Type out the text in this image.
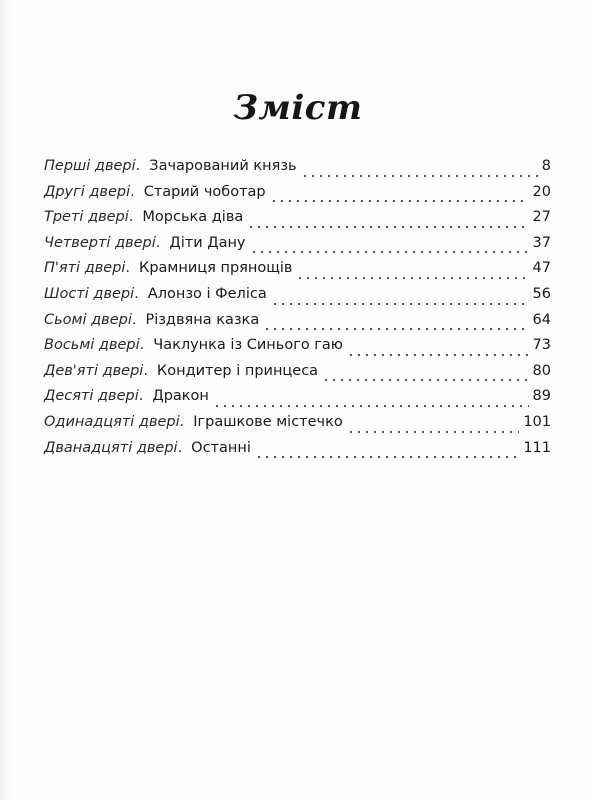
Зміст
Перші двері . Зачарований князь	8
Другі двері . Старий чоботар	20
Треті двері . Морська діва	27
Четверті двері . Діти Дану	37
П'яті двері . Крамниця прянощів	47
Шості двері . Алонзо і Феліса	56
Сьомі двері . Різдвяна казка	64
Восьмі двері . Чаклунка із Синього гаю	73
Дев'яті двері . Кондитер і принцеса	80
Десяті двері . Дракон	89
Одинадцяті двері . Іграшкове містечко	101
Дванадцяті двері . Останні	111
